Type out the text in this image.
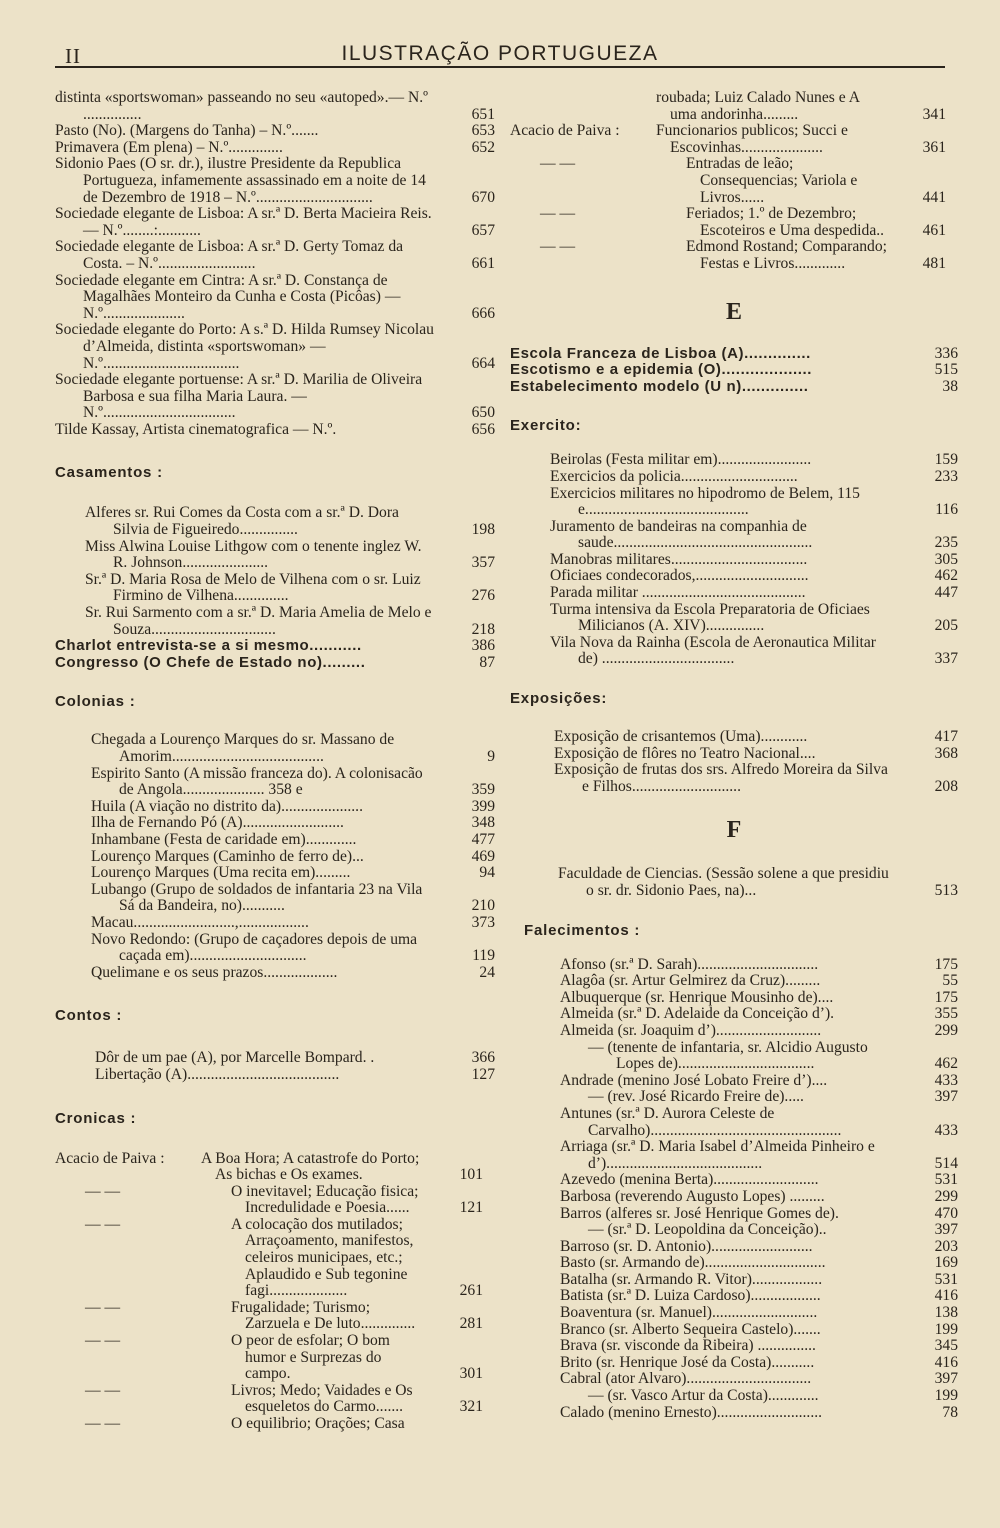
II	ILUSTRAÇÃO PORTUGUEZA
distinta «sportswoman» passeando no seu «autoped».— N.º ...............	651
Pasto (No). (Margens do Tanha) – N.º.......	653
Primavera (Em plena) – N.º..............	652
Sidonio Paes (O sr. dr.), ilustre Presidente da Republica Portugueza, infamemente assassinado em a noite de 14 de Dezembro de 1918 – N.º..............................	670
Sociedade elegante de Lisboa: A sr.ª D. Berta Macieira Reis. — N.º........:...........	657
Sociedade elegante de Lisboa: A sr.ª D. Gerty Tomaz da Costa. – N.º.........................	661
Sociedade elegante em Cintra: A sr.ª D. Constança de Magalhães Monteiro da Cunha e Costa (Picôas) — N.º.....................	666
Sociedade elegante do Porto: A s.ª D. Hilda Rumsey Nicolau d’Almeida, distinta «sportswoman» — N.º...................................	664
Sociedade elegante portuense: A sr.ª D. Marilia de Oliveira Barbosa e sua filha Maria Laura. — N.º..................................	650
Tilde Kassay, Artista cinematografica — N.º.	656
Casamentos :
Alferes sr. Rui Comes da Costa com a sr.ª D. Dora Silvia de Figueiredo...............	198
Miss Alwina Louise Lithgow com o tenente inglez W. R. Johnson......................	357
Sr.ª D. Maria Rosa de Melo de Vilhena com o sr. Luiz Firmino de Vilhena..............	276
Sr. Rui Sarmento com a sr.ª D. Maria Amelia de Melo e Souza................................	218
Charlot entrevista-se a si mesmo...........	386
Congresso (O Chefe de Estado no).........	87
Colonias :
Chegada a Lourenço Marques do sr. Massano de Amorim.......................................	9
Espirito Santo (A missão franceza do). A colonisacão de Angola..................... 358 e	359
Huila (A viação no distrito da).....................	399
Ilha de Fernando Pó (A)..........................	348
Inhambane (Festa de caridade em).............	477
Lourenço Marques (Caminho de ferro de)...	469
Lourenço Marques (Uma recita em).........	94
Lubango (Grupo de soldados de infantaria 23 na Vila Sá da Bandeira, no)...........	210
Macau..........................,..................	373
Novo Redondo: (Grupo de caçadores depois de uma caçada em)..............................	119
Quelimane e os seus prazos...................	24
Contos :
Dôr de um pae (A), por Marcelle Bompard. .	366
Libertação (A).......................................	127
Cronicas :
Acacio de Paiva :	A Boa Hora; A catastrofe do Porto; As bichas e Os exames.	101
— —	O inevitavel; Educação fisica; Incredulidade e Poesia......	121
— —	A colocação dos mutilados; Arraçoamento, manifestos, celeiros municipaes, etc.; Aplaudido e Sub tegonine fagi....................	261
— —	Frugalidade; Turismo; Zarzuela e De luto..............	281
— —	O peor de esfolar; O bom humor e Surprezas do campo.	301
— —	Livros; Medo; Vaidades e Os esqueletos do Carmo.......	321
— —	O equilibrio; Orações; Casa
roubada; Luiz Calado Nunes e A uma andorinha.........	341
Acacio de Paiva :	Funcionarios publicos; Succi e Escovinhas.....................	361
— —	Entradas de leão; Consequencias; Variola e Livros......	441
— —	Feriados; 1.º de Dezembro; Escoteiros e Uma despedida..	461
— —	Edmond Rostand; Comparando; Festas e Livros.............	481
E
Escola Franceza de Lisboa (A)..............	336
Escotismo e a epidemia (O)...................	515
Estabelecimento modelo (U n)..............	38
Exercito:
Beirolas (Festa militar em)........................	159
Exercicios da policia..............................	233
Exercicios militares no hipodromo de Belem, 115 e..........................................	116
Juramento de bandeiras na companhia de saude...................................................	235
Manobras militares...................................	305
Oficiaes condecorados,.............................	462
Parada militar ..........................................	447
Turma intensiva da Escola Preparatoria de Oficiaes Milicianos (A. XIV)...............	205
Vila Nova da Rainha (Escola de Aeronautica Militar de) ..................................	337
Exposições:
Exposição de crisantemos (Uma)............	417
Exposição de flôres no Teatro Nacional....	368
Exposição de frutas dos srs. Alfredo Moreira da Silva e Filhos............................	208
F
Faculdade de Ciencias. (Sessão solene a que presidiu o sr. dr. Sidonio Paes, na)...	513
Falecimentos :
Afonso (sr.ª D. Sarah)...............................	175
Alagôa (sr. Artur Gelmirez da Cruz).........	55
Albuquerque (sr. Henrique Mousinho de)....	175
Almeida (sr.ª D. Adelaide da Conceição d’).	355
Almeida (sr. Joaquim d’)...........................	299
— (tenente de infantaria, sr. Alcidio Augusto Lopes de)...................................	462
Andrade (menino José Lobato Freire d’)....	433
— (rev. José Ricardo Freire de).....	397
Antunes (sr.ª D. Aurora Celeste de Carvalho).................................................	433
Arriaga (sr.ª D. Maria Isabel d’Almeida Pinheiro e d’)........................................	514
Azevedo (menina Berta)...........................	531
Barbosa (reverendo Augusto Lopes) .........	299
Barros (alferes sr. José Henrique Gomes de).	470
— (sr.ª D. Leopoldina da Conceição)..	397
Barroso (sr. D. Antonio)..........................	203
Basto (sr. Armando de)...............................	169
Batalha (sr. Armando R. Vitor)..................	531
Batista (sr.ª D. Luiza Cardoso)..................	416
Boaventura (sr. Manuel)...........................	138
Branco (sr. Alberto Sequeira Castelo).......	199
Brava (sr. visconde da Ribeira) ...............	345
Brito (sr. Henrique José da Costa)...........	416
Cabral (ator Alvaro)................................	397
— (sr. Vasco Artur da Costa).............	199
Calado (menino Ernesto)...........................	78
